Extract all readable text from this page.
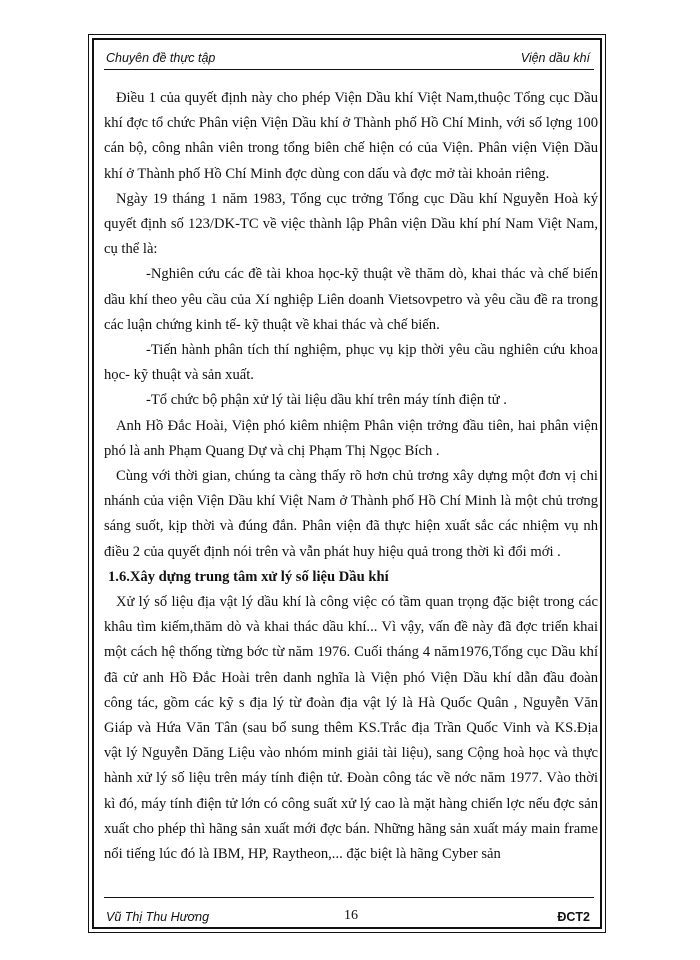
Chuyên đề thực tập	Viện dầu khí

Điều 1 của quyết định này cho phép Viện Dầu khí Việt Nam,thuộc Tổng cục Dầu khí đợc tổ chức Phân viện Viện Dầu khí ở Thành phố Hồ Chí Minh, với số lợng 100 cán bộ, công nhân viên trong tổng biên chế hiện có của Viện. Phân viện Viện Dầu khí ở Thành phố Hồ Chí Minh đợc dùng con dấu và đợc mở tài khoản riêng.

Ngày 19 tháng 1 năm 1983, Tổng cục trởng Tổng cục Dầu khí Nguyễn Hoà ký quyết định số 123/DK-TC về việc thành lập Phân viện Dầu khí phí Nam Việt Nam, cụ thể là:

-Nghiên cứu các đề tài khoa học-kỹ thuật về thăm dò, khai thác và chế biến dầu khí theo yêu cầu của Xí nghiệp Liên doanh Vietsovpetro và yêu cầu đề ra trong các luận chứng kinh tế- kỹ thuật về khai thác và chế biến.

-Tiến hành phân tích thí nghiệm, phục vụ kịp thời yêu cầu nghiên cứu khoa học- kỹ thuật và sản xuất.

-Tổ chức bộ phận xử lý tài liệu dầu khí trên máy tính điện tử .

Anh Hồ Đắc Hoài, Viện phó kiêm nhiệm Phân viện trởng đầu tiên, hai phân viện phó là anh Phạm Quang Dự và chị Phạm Thị Ngọc Bích .

Cùng với thời gian, chúng ta càng thấy rõ hơn chủ trơng xây dựng một đơn vị chi nhánh của viện Viện Dầu khí Việt Nam ở Thành phố Hồ Chí Minh là một chủ trơng sáng suốt, kịp thời và đúng đắn. Phân viện đã thực hiện xuất sắc các nhiệm vụ nh điều 2 của quyết định nói trên và vẫn phát huy hiệu quả trong thời kì đổi mới .

1.6.Xây dựng trung tâm xử lý số liệu Dầu khí

Xử lý số liệu địa vật lý dầu khí là công việc có tầm quan trọng đặc biệt trong các khâu tìm kiếm,thăm dò và khai thác dầu khí... Vì vậy, vấn đề này đã đợc triển khai một cách hệ thống từng bớc từ năm 1976. Cuối tháng 4 năm1976,Tổng cục Dầu khí đã cử anh Hồ Đắc Hoài trên danh nghĩa là Viện phó Viện Dầu khí dẫn đầu đoàn công tác, gồm các kỹ s địa lý từ đoàn địa vật lý là Hà Quốc Quân , Nguyễn Văn Giáp và Hứa Văn Tân (sau bổ sung thêm KS.Trắc địa Trần Quốc Vinh và KS.Địa vật lý Nguyễn Dăng Liệu vào nhóm minh giải tài liệu), sang Cộng hoà học và thực hành xử lý số liệu trên máy tính điện tử. Đoàn công tác về nớc năm 1977. Vào thời kì đó, máy tính điện tử lớn có công suất xử lý cao là mặt hàng chiến lợc nếu đợc sản xuất cho phép thì hãng sản xuất mới đợc bán. Những hãng sản xuất máy main frame nổi tiếng lúc đó là IBM, HP, Raytheon,... đặc biệt là hãng Cyber sản

Vũ Thị Thu Hương	16	ĐCT2
